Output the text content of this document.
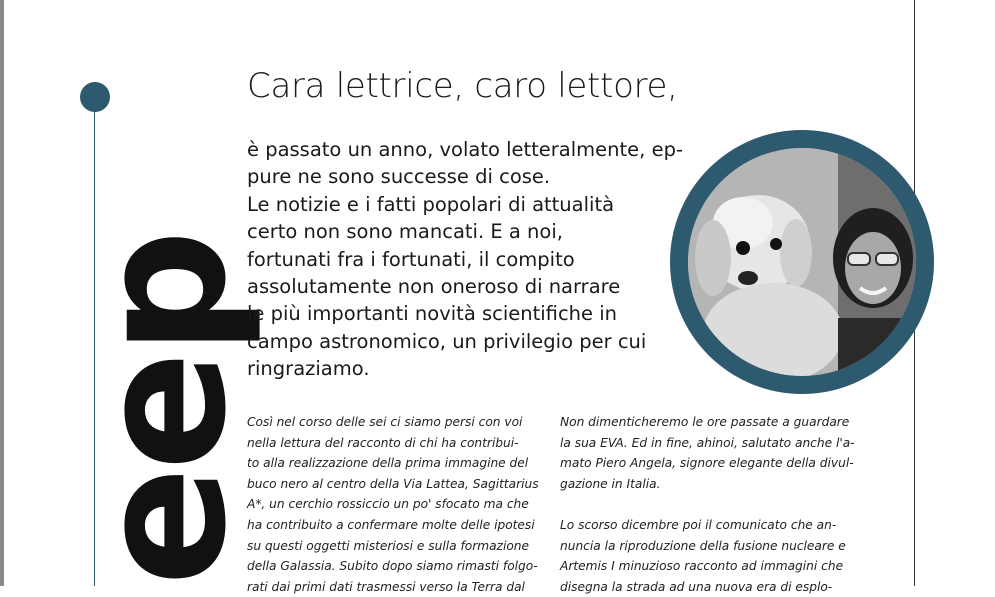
eep
Cara lettrice, caro lettore,
è passato un anno, volato letteralmente, ep-
pure ne sono successe di cose.
Le notizie e i fatti popolari di attualità
certo non sono mancati. E a noi,
fortunati fra i fortunati, il compito
assolutamente non oneroso di narrare
le più importanti novità scientifiche in
campo astronomico, un privilegio per cui
ringraziamo.
Così nel corso delle sei ci siamo persi con voi
nella lettura del racconto di chi ha contribui-
to alla realizzazione della prima immagine del
buco nero al centro della Via Lattea, Sagittarius
A*, un cerchio rossiccio un po' sfocato ma che
ha contribuito a confermare molte delle ipotesi
su questi oggetti misteriosi e sulla formazione
della Galassia. Subito dopo siamo rimasti folgo-
rati dai primi dati trasmessi verso la Terra dal
Non dimenticheremo le ore passate a guardare
la sua EVA. Ed in fine, ahinoi, salutato anche l'a-
mato Piero Angela, signore elegante della divul-
gazione in Italia.
Lo scorso dicembre poi il comunicato che an-
nuncia la riproduzione della fusione nucleare e
Artemis I minuzioso racconto ad immagini che
disegna la strada ad una nuova era di esplo-
